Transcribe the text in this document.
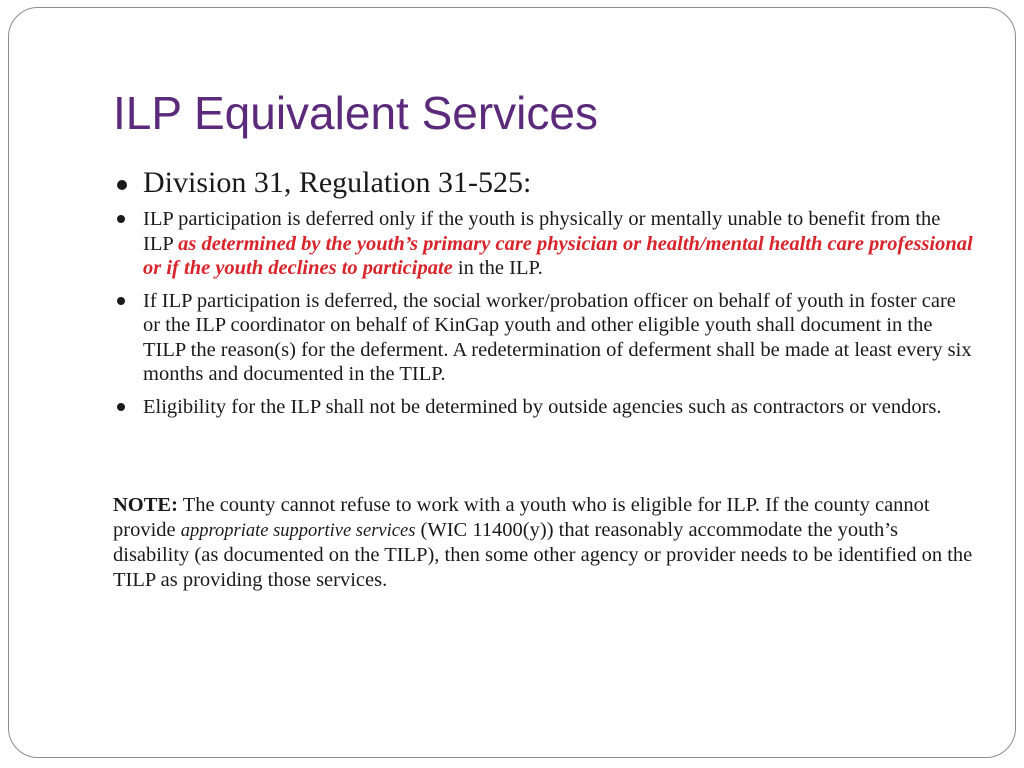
ILP Equivalent Services
Division 31, Regulation 31-525:
ILP participation is deferred only if the youth is physically or mentally unable to benefit from the ILP as determined by the youth’s primary care physician or health/mental health care professional or if the youth declines to participate in the ILP.
If ILP participation is deferred, the social worker/probation officer on behalf of youth in foster care or the ILP coordinator on behalf of KinGap youth and other eligible youth shall document in the TILP the reason(s) for the deferment. A redetermination of deferment shall be made at least every six months and documented in the TILP.
Eligibility for the ILP shall not be determined by outside agencies such as contractors or vendors.

NOTE: The county cannot refuse to work with a youth who is eligible for ILP. If the county cannot provide appropriate supportive services (WIC 11400(y)) that reasonably accommodate the youth’s disability (as documented on the TILP), then some other agency or provider needs to be identified on the TILP as providing those services.
